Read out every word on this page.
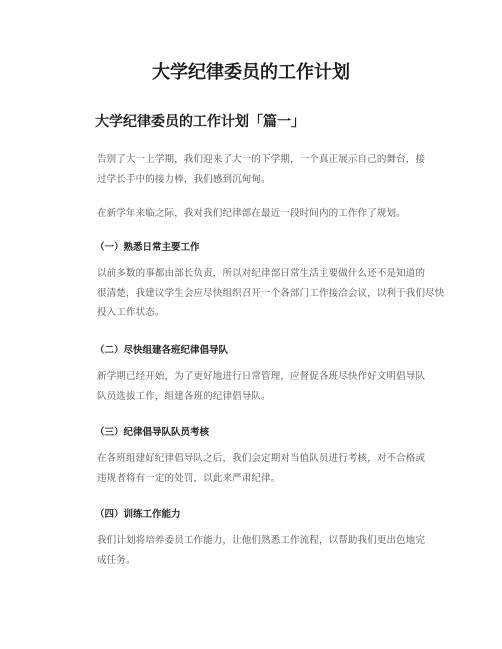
大学纪律委员的工作计划
大学纪律委员的工作计划「篇一」

告别了大一上学期，我们迎来了大一的下学期，一个真正展示自己的舞台，接
过学长手中的接力棒，我们感到沉甸甸。

在新学年来临之际，我对我们纪律部在最近一段时间内的工作作了规划。

（一）熟悉日常主要工作

以前多数的事都由部长负责，所以对纪律部日常生活主要做什么还不是知道的
很清楚，我建议学生会应尽快组织召开一个各部门工作接洽会议，以利于我们尽快
投入工作状态。

（二）尽快组建各班纪律倡导队

新学期已经开始，为了更好地进行日常管理，应督促各班尽快作好文明倡导队
队员选拔工作，组建各班的纪律倡导队。

（三）纪律倡导队队员考核

在各班组建好纪律倡导队之后，我们会定期对当值队员进行考核，对不合格或
违规者将有一定的处罚，以此来严肃纪律。

（四）训练工作能力

我们计划将培养委员工作能力，让他们熟悉工作流程，以帮助我们更出色地完
成任务。
